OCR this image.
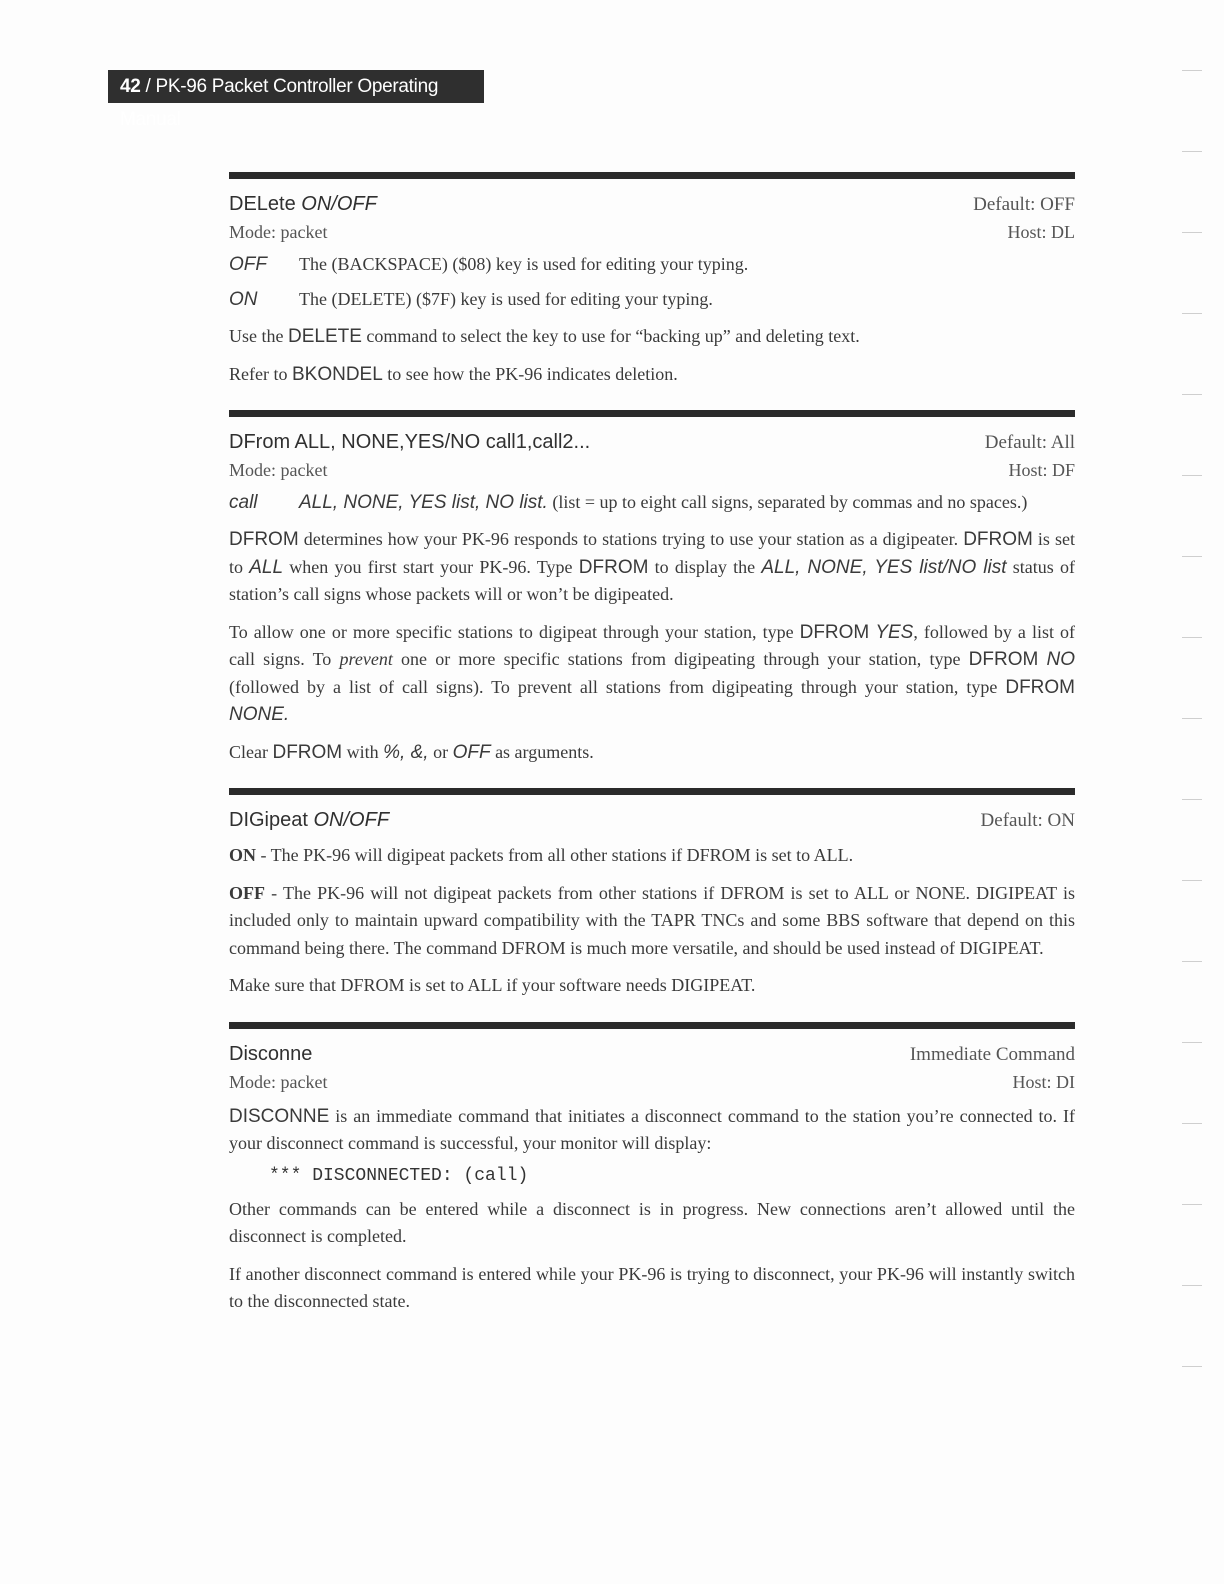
42 / PK-96 Packet Controller Operating Manual
DELete ON/OFF	Default: OFF
Mode: packet	Host: DL
OFF	The (BACKSPACE) ($08) key is used for editing your typing.
ON	The (DELETE) ($7F) key is used for editing your typing.

Use the DELETE command to select the key to use for “backing up” and deleting text.

Refer to BKONDEL to see how the PK-96 indicates deletion.

DFrom ALL, NONE,YES/NO call1,call2...	Default: All
Mode: packet	Host: DF
call	ALL, NONE, YES list, NO list. (list = up to eight call signs, separated by commas and no spaces.)

DFROM determines how your PK-96 responds to stations trying to use your station as a digipeater. DFROM is set to ALL when you first start your PK-96. Type DFROM to display the ALL, NONE, YES list/NO list status of station’s call signs whose packets will or won’t be digipeated.

To allow one or more specific stations to digipeat through your station, type DFROM YES, followed by a list of call signs. To prevent one or more specific stations from digipeating through your station, type DFROM NO (followed by a list of call signs). To prevent all stations from digipeating through your station, type DFROM NONE.

Clear DFROM with %, &, or OFF as arguments.

DIGipeat ON/OFF	Default: ON

ON - The PK-96 will digipeat packets from all other stations if DFROM is set to ALL.

OFF - The PK-96 will not digipeat packets from other stations if DFROM is set to ALL or NONE. DIGIPEAT is included only to maintain upward compatibility with the TAPR TNCs and some BBS software that depend on this command being there. The command DFROM is much more versatile, and should be used instead of DIGIPEAT.

Make sure that DFROM is set to ALL if your software needs DIGIPEAT.

Disconne	Immediate Command
Mode: packet	Host: DI

DISCONNE is an immediate command that initiates a disconnect command to the station you’re connected to. If your disconnect command is successful, your monitor will display:

*** DISCONNECTED: (call)

Other commands can be entered while a disconnect is in progress. New connections aren’t allowed until the disconnect is completed.

If another disconnect command is entered while your PK-96 is trying to disconnect, your PK-96 will instantly switch to the disconnected state.
